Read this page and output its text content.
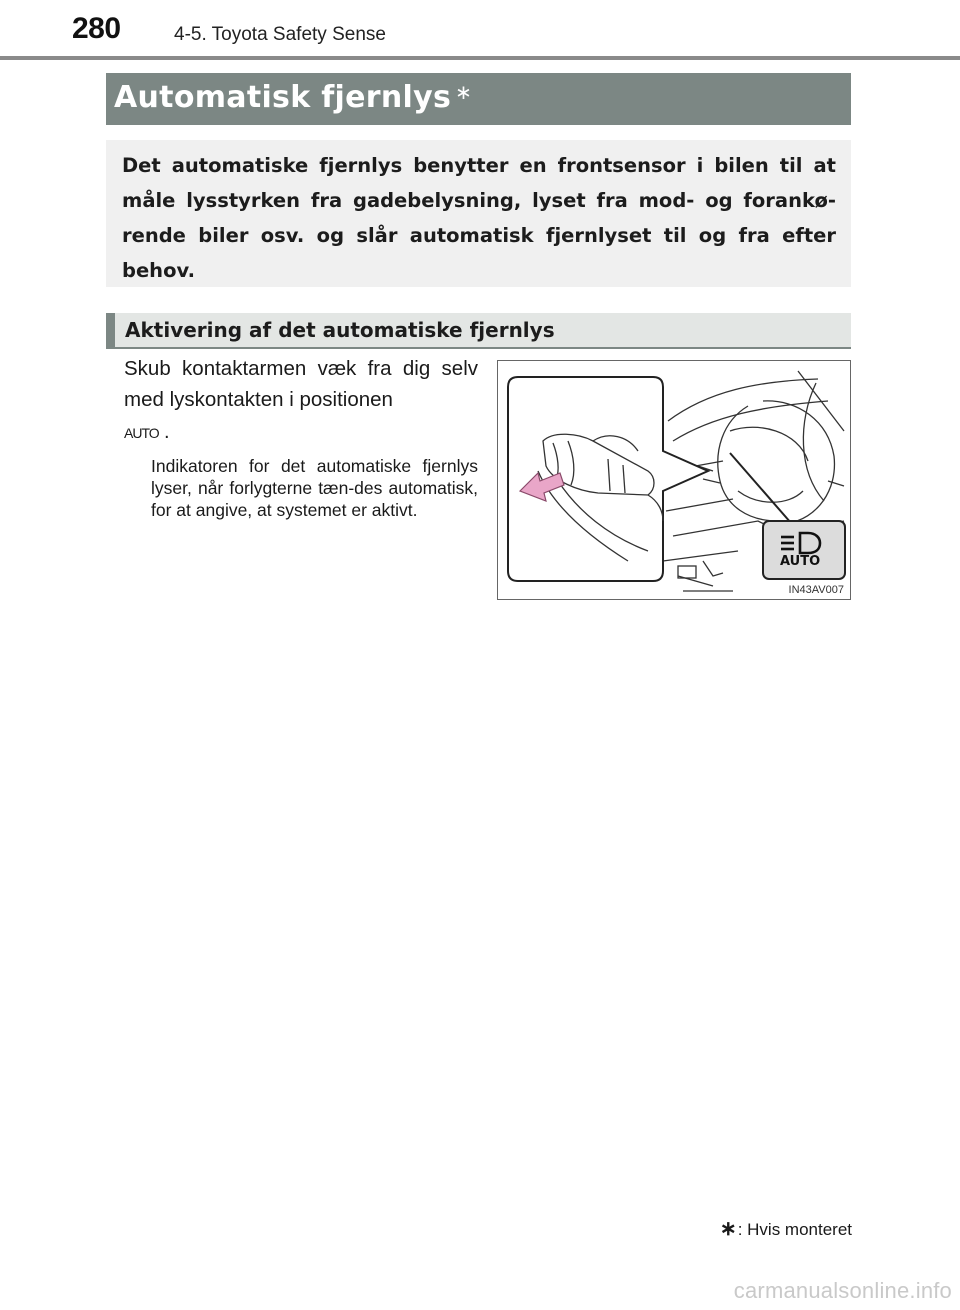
280	4-5. Toyota Safety Sense
Automatisk fjernlys ∗
Det automatiske fjernlys benytter en frontsensor i bilen til at måle lysstyrken fra gadebelysning, lyset fra mod- og forankø-rende biler osv. og slår automatisk fjernlyset til og fra efter behov.
Aktivering af det automatiske fjernlys
Skub kontaktarmen væk fra dig selv med lyskontakten i positionen
AUTO .
Indikatoren for det automatiske fjernlys lyser, når forlygterne tæn-des automatisk, for at angive, at systemet er aktivt.
AUTO
IN43AV007
∗: Hvis monteret
carmanualsonline.info
